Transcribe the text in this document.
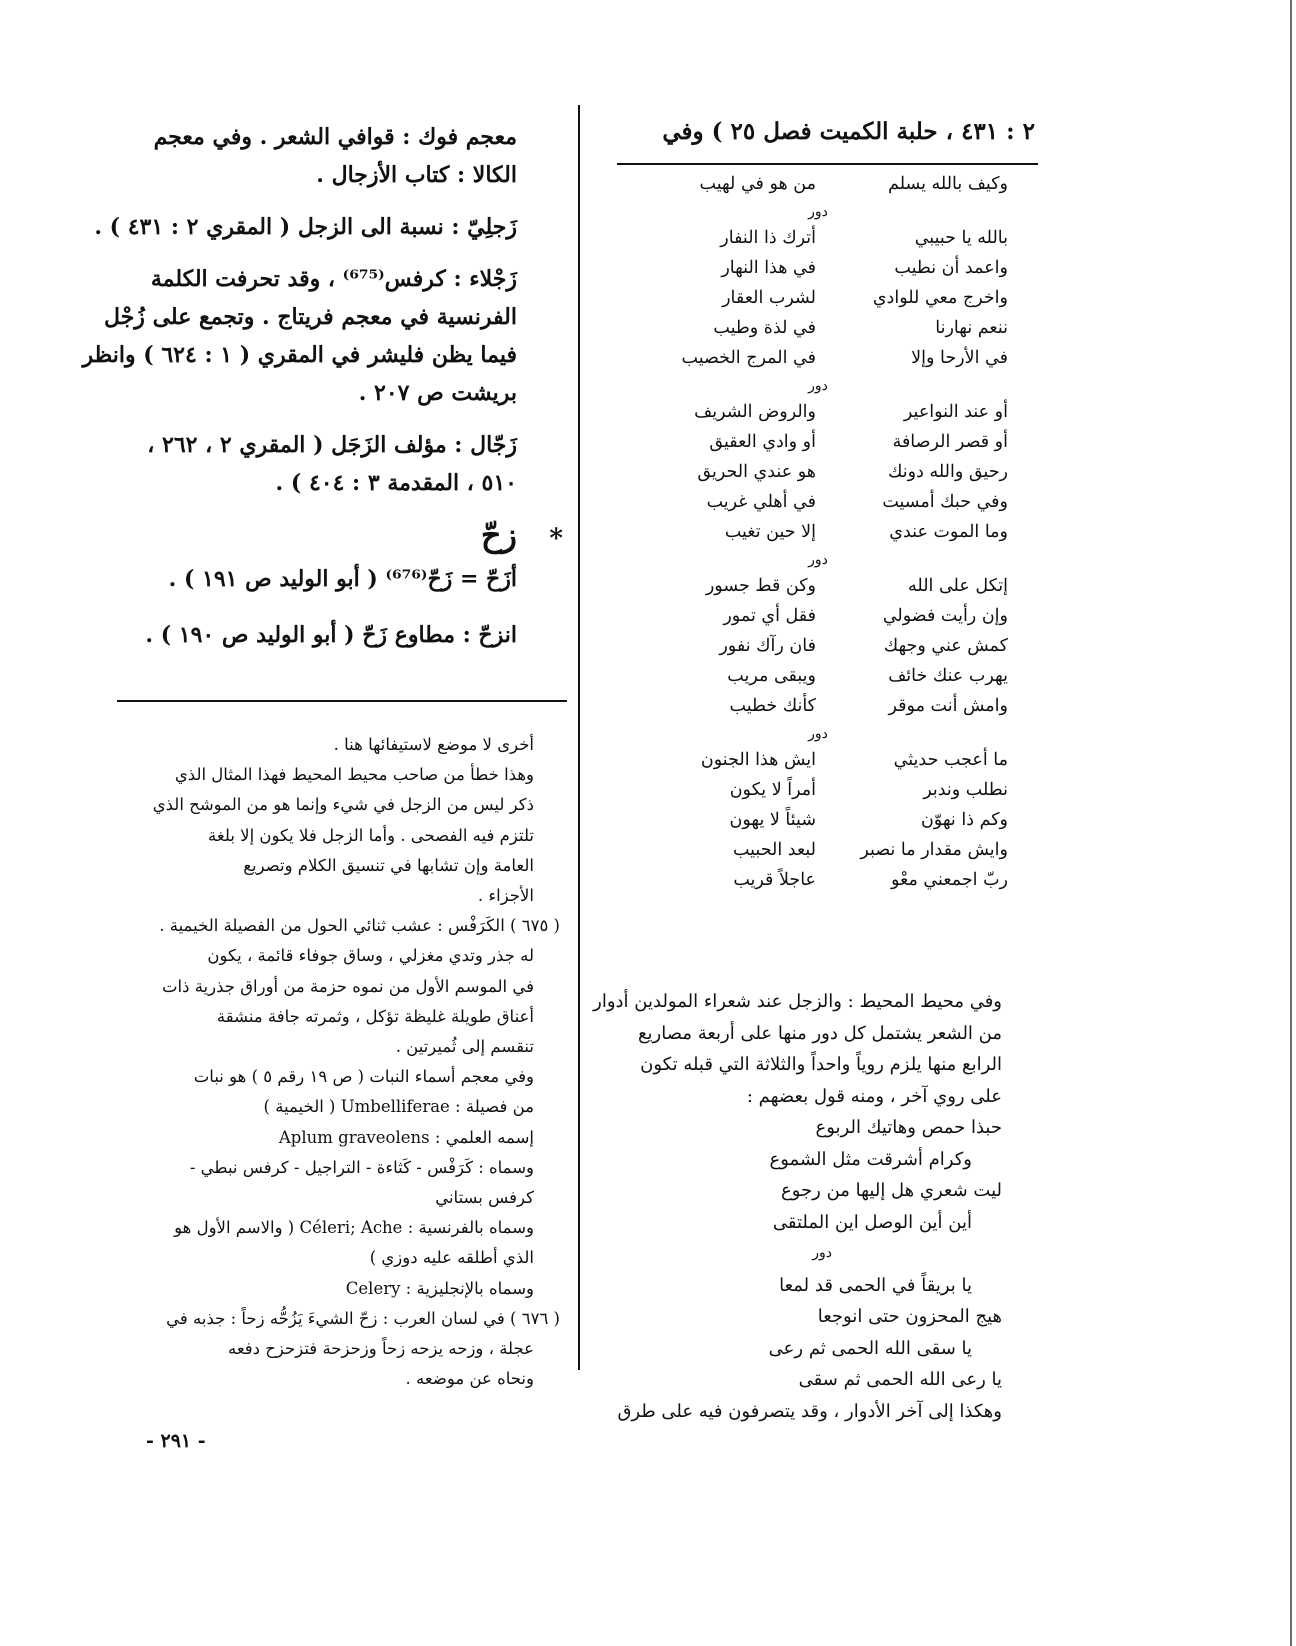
٢ : ٤٣١ ، حلبة الكميت فصل ٢٥ ) وفي
وكيف بالله يسلم
من هو في لهيب
دور
بالله يا حبيبي
أترك ذا النفار
واعمد أن نطيب
في هذا النهار
واخرج معي للوادي
لشرب العقار
ننعم نهارنا
في لذة وطيب
في الأرحا وإلا
في المرج الخصيب
دور
أو عند النواعير
والروض الشريف
أو قصر الرصافة
أو وادي العقيق
رحيق والله دونك
هو عندي الحريق
وفي حبك أمسيت
في أهلي غريب
وما الموت عندي
إلا حين تغيب
دور
إتكل على الله
وكن قط جسور
وإن رأيت فضولي
فقل أي تمور
كمش عني وجهك
فان رآك نفور
يهرب عنك خائف
ويبقى مريب
وامش أنت موقر
كأنك خطيب
دور
ما أعجب حديثي
ايش هذا الجنون
نطلب وندبر
أمراً لا يكون
وكم ذا نهوّن
شيئاً لا يهون
وايش مقدار ما نصبر
لبعد الحبيب
ربّ اجمعني معْو
عاجلاً قريب
وفي محيط المحيط : والزجل عند شعراء المولدين أدوار
من الشعر يشتمل كل دور منها على أربعة مصاريع
الرابع منها يلزم روياً واحداً والثلاثة التي قبله تكون
على روي آخر ، ومنه قول بعضهم :
حبذا حمص وهاتيك الربوع
وكرام أشرقت مثل الشموع
ليت شعري هل إليها من رجوع
أين أين الوصل اين الملتقى
دور
يا بريقاً في الحمى قد لمعا
هيج المحزون حتى انوجعا
يا سقى الله الحمى ثم رعى
يا رعى الله الحمى ثم سقى
وهكذا إلى آخر الأدوار ، وقد يتصرفون فيه على طرق
معجم فوك : قوافي الشعر . وفي معجم
الكالا : كتاب الأزجال .
زَجلِيّ : نسبة الى الزجل ( المقري ٢ : ٤٣١ ) .
زَجْلاء : كرفس⁽⁶⁷⁵⁾ ، وقد تحرفت الكلمة
الفرنسية في معجم فريتاج . وتجمع على زُجْل
فيما يظن فليشر في المقري ( ١ : ٦٢٤ ) وانظر
بريشت ص ٢٠٧ .
زَجّال : مؤلف الزَجَل ( المقري ٢ ، ٢٦٢ ،
٥١٠ ، المقدمة ٣ : ٤٠٤ ) .
*
زحّ
أزَحّ = زَحّ⁽⁶⁷⁶⁾ ( أبو الوليد ص ١٩١ ) .
انزحّ : مطاوع زَحّ ( أبو الوليد ص ١٩٠ ) .
أخرى لا موضع لاستيفائها هنا .
وهذا خطأ من صاحب محيط المحيط فهذا المثال الذي
ذكر ليس من الزجل في شيء وإنما هو من الموشح الذي
تلتزم فيه الفصحى . وأما الزجل فلا يكون إلا بلغة
العامة وإن تشابها في تنسيق الكلام وتصريع
الأجزاء .
( ٦٧٥ ) الكَرَفْس : عشب ثنائي الحول من الفصيلة الخيمية .
له جذر وتدي مغزلي ، وساق جوفاء قائمة ، يكون
في الموسم الأول من نموه حزمة من أوراق جذرية ذات
أعناق طويلة غليظة تؤكل ، وثمرته جافة منشقة
تنقسم إلى ثُميرتين .
وفي معجم أسماء النبات ( ص ١٩ رقم ٥ ) هو نبات
من فصيلة : Umbelliferae ( الخيمية )
إسمه العلمي : Aplum graveolens
وسماه : كَرَفْس - كَثاءة - التراجيل - كرفس نبطي -
كرفس بستاني
وسماه بالفرنسية : Céleri; Ache ( والاسم الأول هو
الذي أطلقه عليه دوزي )
وسماه بالإنجليزية : Celery
( ٦٧٦ ) في لسان العرب : زحّ الشيءَ يَزُحُّه زحاً : جذبه في
عجلة ، وزحه يزحه زحاً وزحزحة فتزحزح دفعه
ونحاه عن موضعه .
- ٢٩١ -
